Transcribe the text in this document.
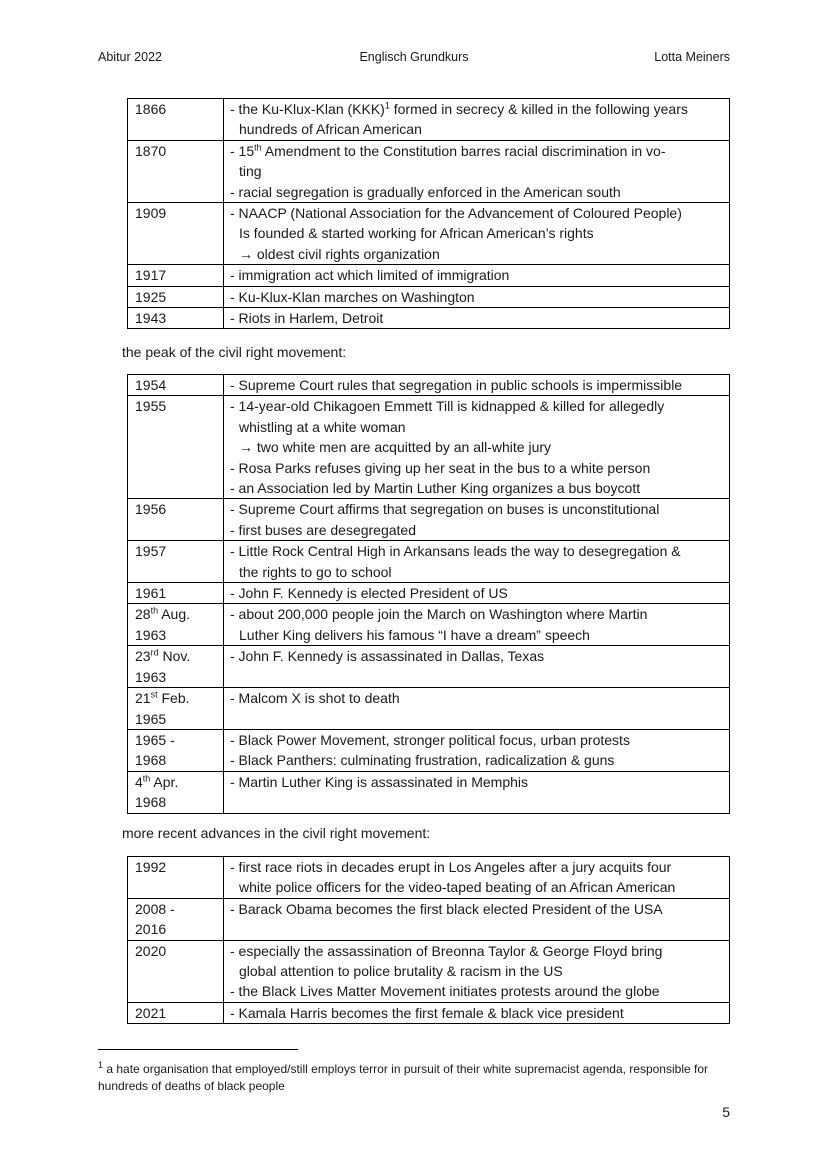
Abitur 2022	Englisch Grundkurs	Lotta Meiners
1866	- the Ku-Klux-Klan (KKK)$^1$ formed in secrecy & killed in the following years
hundreds of African American

1870	- 15th Amendment to the Constitution barres racial discrimination in vo-
ting
- racial segregation is gradually enforced in the American south

1909	- NAACP (National Association for the Advancement of Coloured People)
Is founded & started working for African American’s rights
→ oldest civil rights organization

1917	- immigration act which limited of immigration

1925	- Ku-Klux-Klan marches on Washington

1943	- Riots in Harlem, Detroit
the peak of the civil right movement:
1954	- Supreme Court rules that segregation in public schools is impermissible

1955	- 14-year-old Chikagoen Emmett Till is kidnapped & killed for allegedly
whistling at a white woman
→ two white men are acquitted by an all-white jury
- Rosa Parks refuses giving up her seat in the bus to a white person
- an Association led by Martin Luther King organizes a bus boycott

1956	- Supreme Court affirms that segregation on buses is unconstitutional
- first buses are desegregated

1957	- Little Rock Central High in Arkansans leads the way to desegregation &
the rights to go to school

1961	- John F. Kennedy is elected President of US

28th Aug.
1963	- about 200,000 people join the March on Washington where Martin
Luther King delivers his famous “I have a dream” speech

23rd Nov.
1963	- John F. Kennedy is assassinated in Dallas, Texas

21st Feb.
1965	- Malcom X is shot to death

1965 -
1968	- Black Power Movement, stronger political focus, urban protests
- Black Panthers: culminating frustration, radicalization & guns

4th Apr.
1968	- Martin Luther King is assassinated in Memphis
more recent advances in the civil right movement:
1992	- first race riots in decades erupt in Los Angeles after a jury acquits four
white police officers for the video-taped beating of an African American

2008 -
2016	- Barack Obama becomes the first black elected President of the USA

2020	- especially the assassination of Breonna Taylor & George Floyd bring
global attention to police brutality & racism in the US
- the Black Lives Matter Movement initiates protests around the globe

2021	- Kamala Harris becomes the first female & black vice president
$^1$ a hate organisation that employed/still employs terror in pursuit of their white supremacist agenda, responsible for hundreds of deaths of black people
5
